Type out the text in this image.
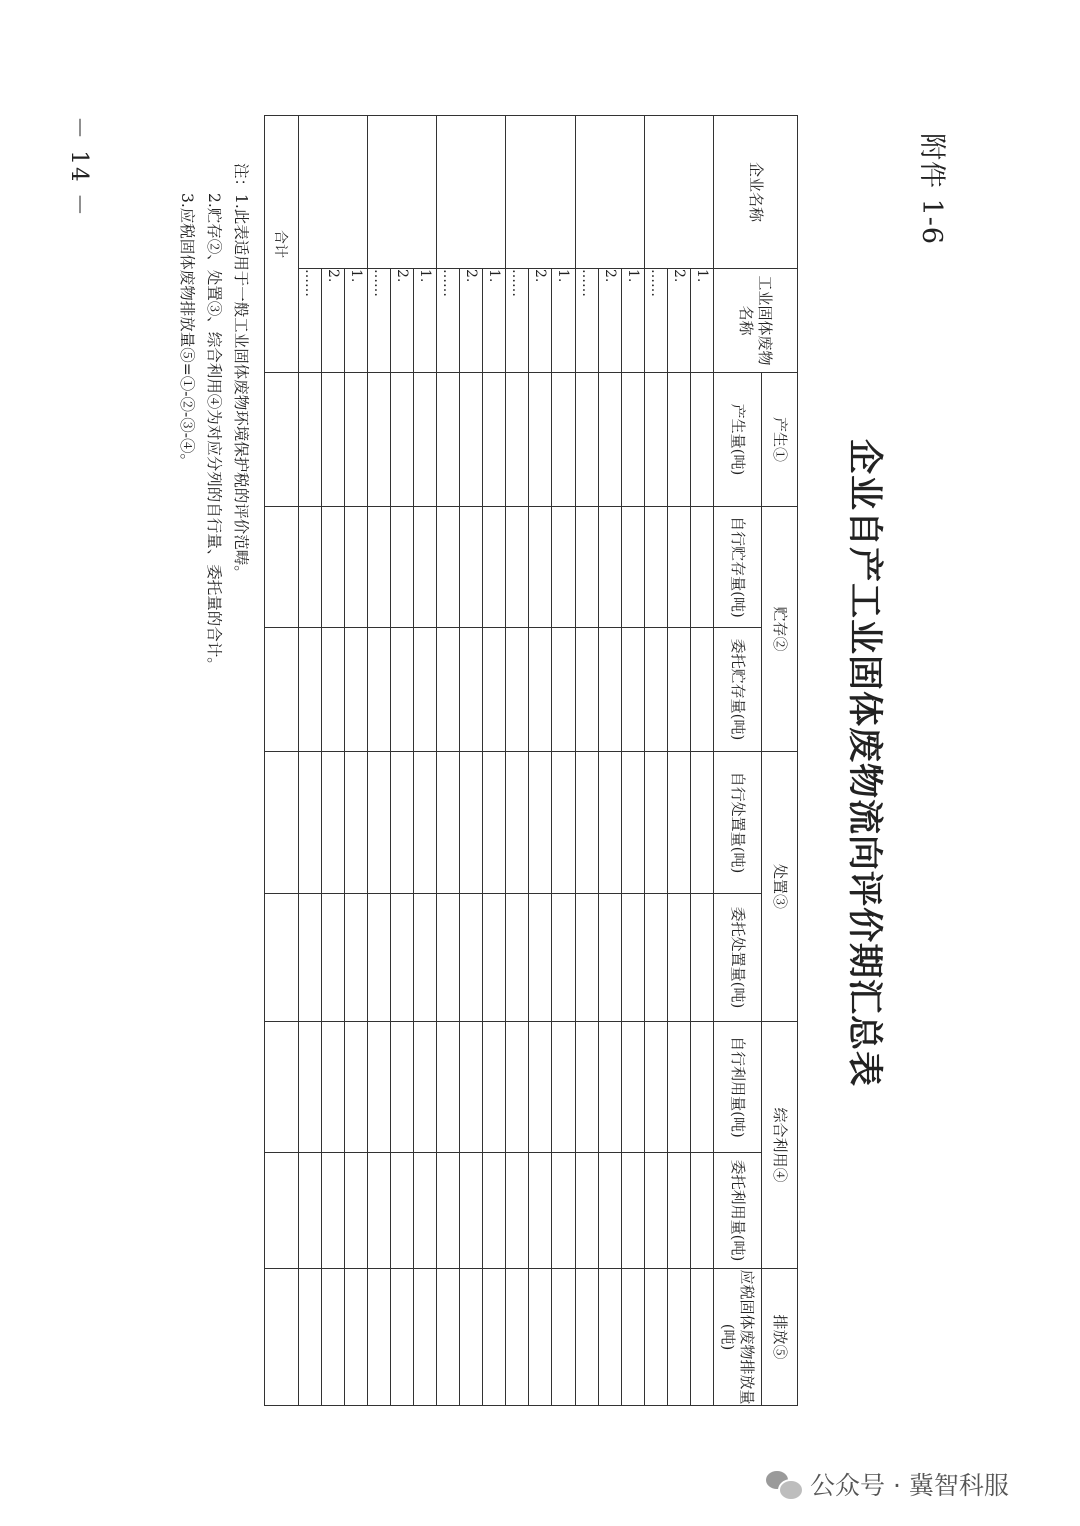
附件 1-6
企业自产工业固体废物流向评价期汇总表
企业名称	工业固体废物名称	产生①	贮存②		处置③		综合利用④		排放⑤
		产生量(吨)	自行贮存量(吨)	委托贮存量(吨)	自行处置量(吨)	委托处置量(吨)	自行利用量(吨)	委托利用量(吨)	应税固体废物排放量(吨)
	1.								
	2.								
	……								
	1.								
	2.								
	……								
	1.								
	2.								
	……								
	1.								
	2.								
	……								
	1.								
	2.								
	……								
	1.								
	2.								
	……								
合计									
注：1.此表适用于一般工业固体废物环境保护税的评价范畴。
2.贮存②、处置③、综合利用④为对应分列的自行量、委托量的合计。
3.应税固体废物排放量⑤=①-②-③-④。
－ 14 －
公众号 · 冀智科服
